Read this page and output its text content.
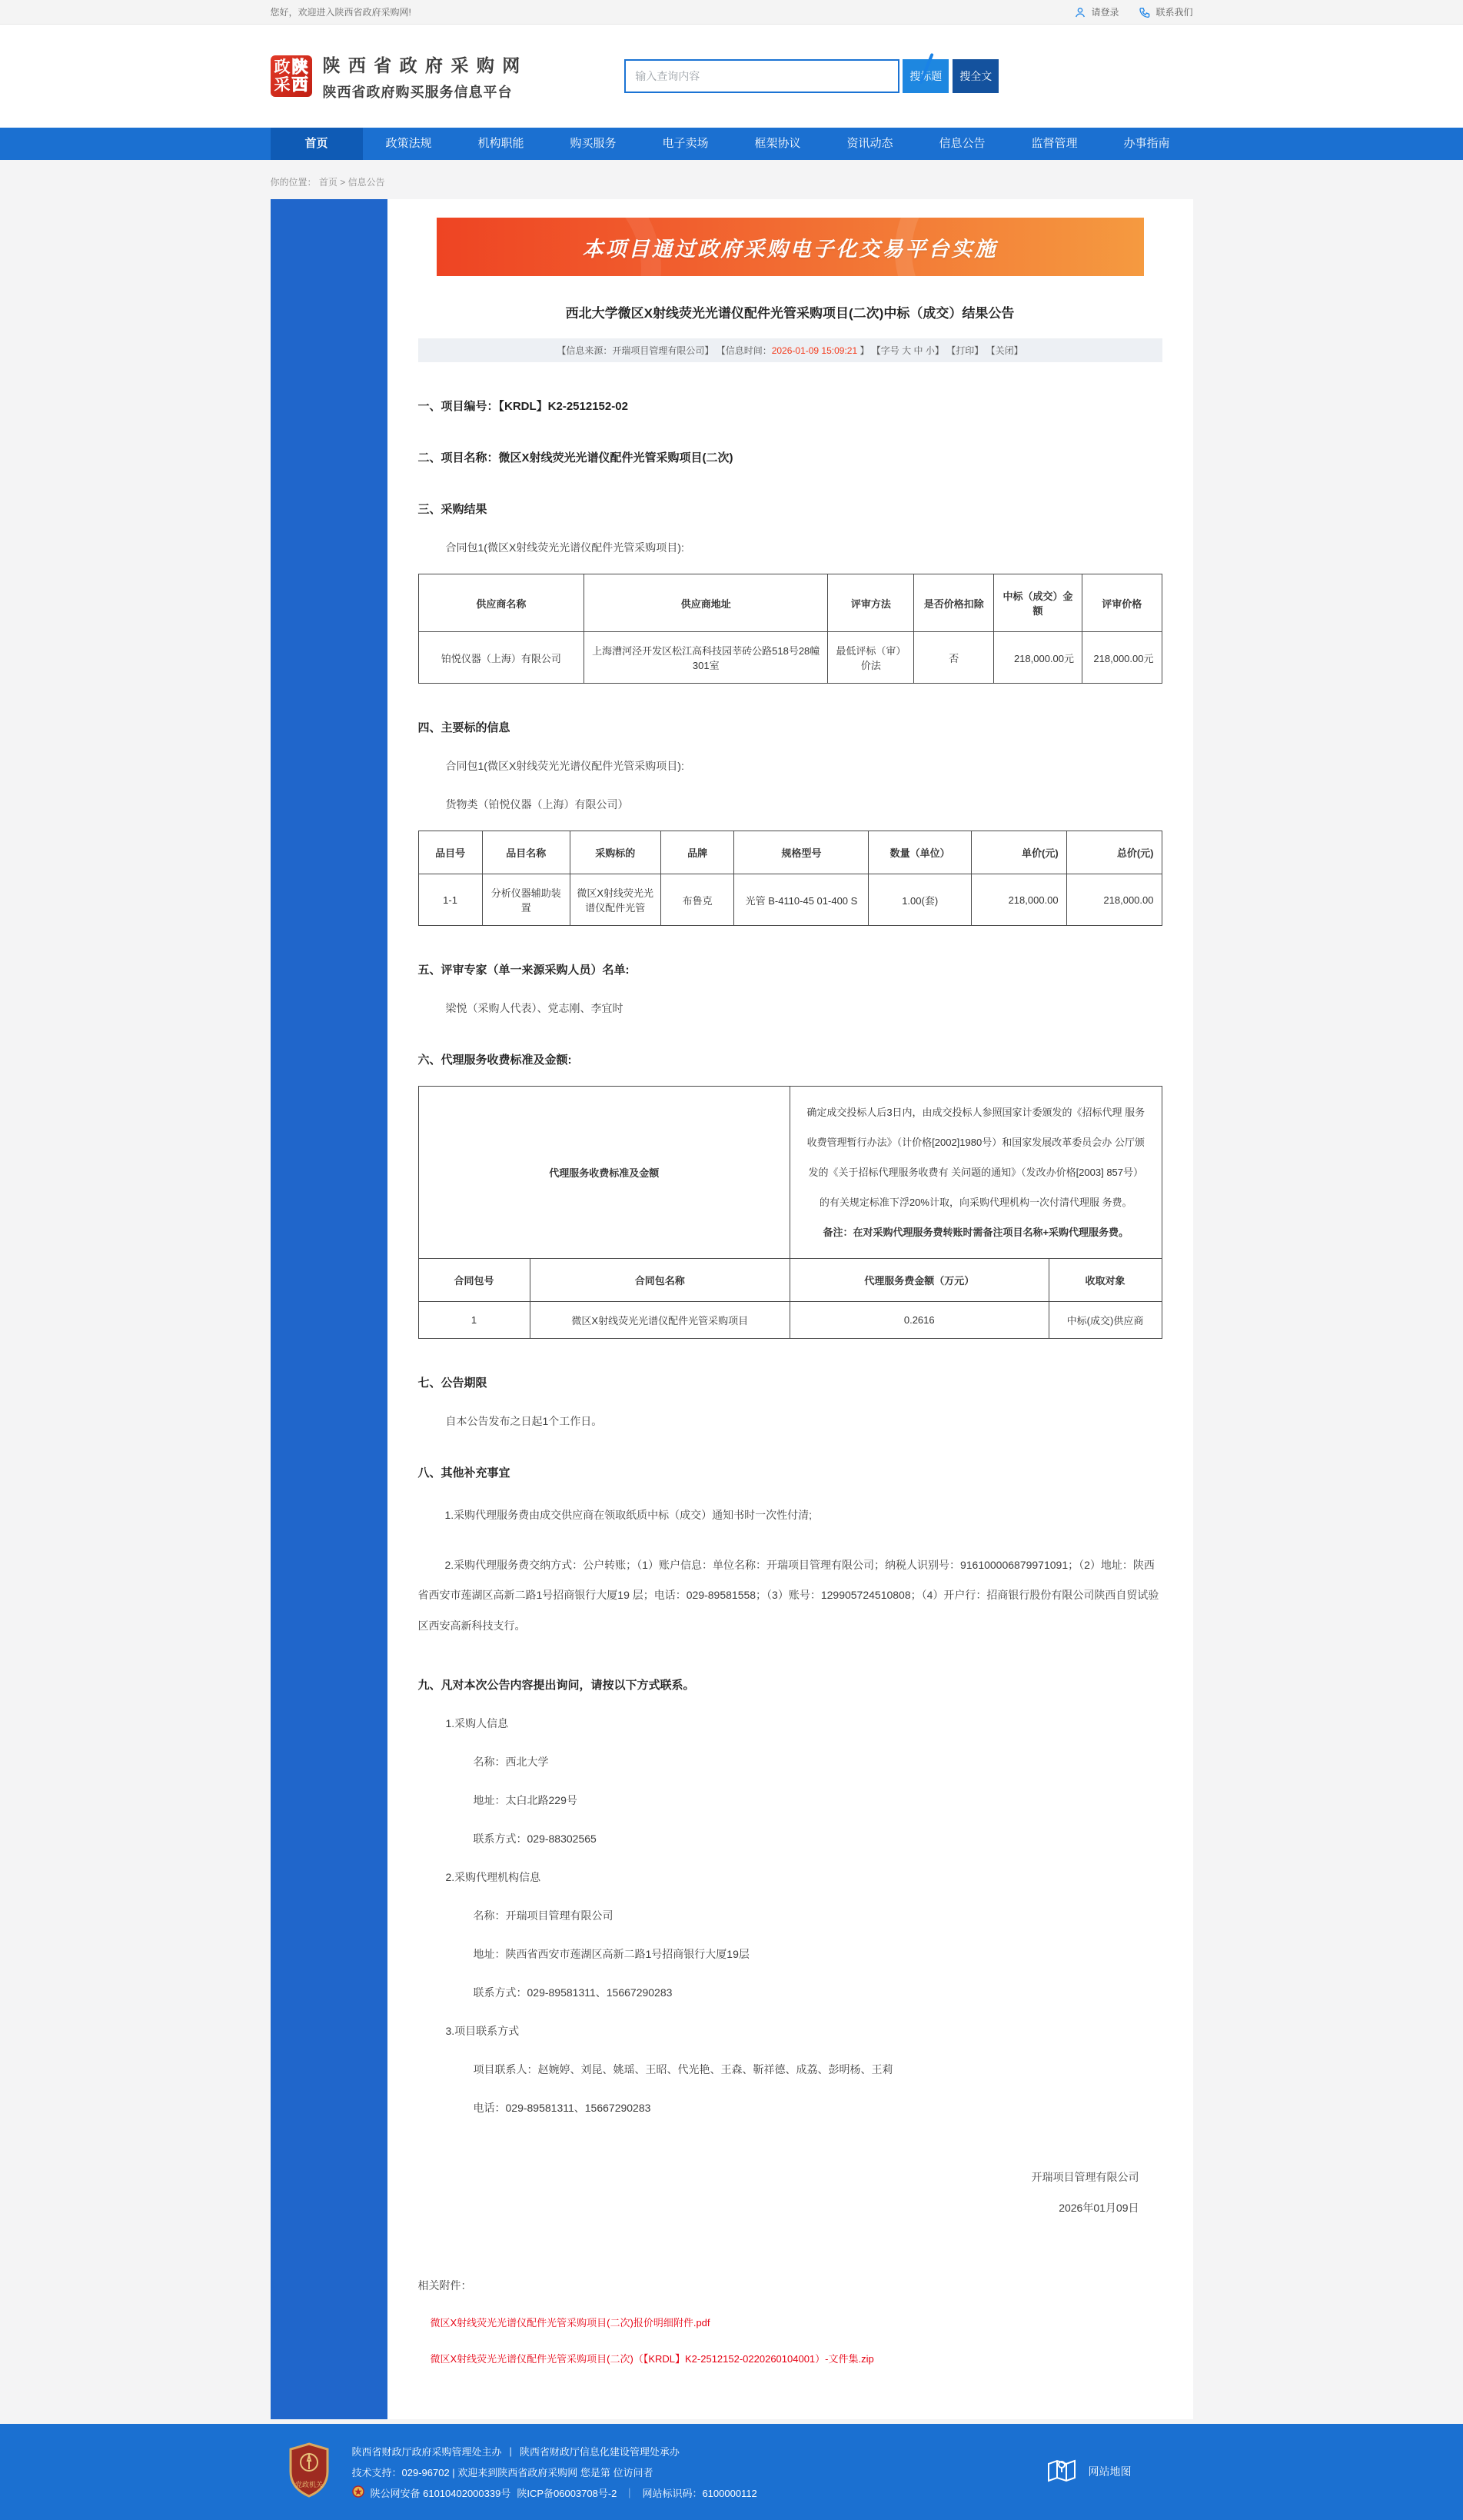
您好，欢迎进入陕西省政府采购网!	请登录	联系我们
政 陕
采 西
陕 西 省 政 府 采 购 网
陕西省政府购买服务信息平台
输入查询内容
搜标题	搜全文
首页	政策法规	机构职能	购买服务	电子卖场	框架协议	资讯动态	信息公告	监督管理	办事指南
你的位置： 首页 > 信息公告
本项目通过政府采购电子化交易平台实施
西北大学微区X射线荧光光谱仪配件光管采购项目(二次)中标（成交）结果公告
【信息来源：开瑞项目管理有限公司】 【信息时间：2026-01-09 15:09:21 】 【字号 大 中 小】 【打印】 【关闭】
一、项目编号：【KRDL】K2-2512152-02
二、项目名称：微区X射线荧光光谱仪配件光管采购项目(二次)
三、采购结果
合同包1(微区X射线荧光光谱仪配件光管采购项目):
供应商名称	供应商地址	评审方法	是否价格扣除	中标（成交）金额	评审价格
铂悦仪器（上海）有限公司	上海漕河泾开发区松江高科技园莘砖公路518号28幢301室	最低评标（审）价法	否	218,000.00元	218,000.00元
四、主要标的信息
合同包1(微区X射线荧光光谱仪配件光管采购项目):
货物类（铂悦仪器（上海）有限公司）
品目号	品目名称	采购标的	品牌	规格型号	数量（单位）	单价(元)	总价(元)
1-1	分析仪器辅助装置	微区X射线荧光光谱仪配件光管	布鲁克	光管 B-4110-45 01-400 S	1.00(套)	218,000.00	218,000.00
五、评审专家（单一来源采购人员）名单:
梁悦（采购人代表）、党志刚、李宜时
六、代理服务收费标准及金额:
代理服务收费标准及金额		确定成交投标人后3日内，由成交投标人参照国家计委颁发的《招标代理 服务收费管理暂行办法》（计价格[2002]1980号）和国家发展改革委员会办 公厅颁发的《关于招标代理服务收费有 关问题的通知》（发改办价格[2003] 857号）的有关规定标准下浮20%计取，向采购代理机构一次付清代理服 务费。
备注：在对采购代理服务费转账时需备注项目名称+采购代理服务费。	
合同包号	合同包名称	代理服务费金额（万元）	收取对象
1	微区X射线荧光光谱仪配件光管采购项目	0.2616	中标(成交)供应商
七、公告期限
自本公告发布之日起1个工作日。
八、其他补充事宜

1.采购代理服务费由成交供应商在领取纸质中标（成交）通知书时一次性付清;

2.采购代理服务费交纳方式：公户转账；（1）账户信息：单位名称：开瑞项目管理有限公司；纳税人识别号：916100006879971091；（2）地址：陕西省西安市莲湖区高新二路1号招商银行大厦19 层；电话：029-89581558；（3）账号：129905724510808；（4）开户行：招商银行股份有限公司陕西自贸试验区西安高新科技支行。

九、凡对本次公告内容提出询问，请按以下方式联系。
1.采购人信息
名称：西北大学
地址：太白北路229号
联系方式：029-88302565
2.采购代理机构信息
名称：开瑞项目管理有限公司
地址：陕西省西安市莲湖区高新二路1号招商银行大厦19层
联系方式：029-89581311、15667290283
3.项目联系方式
项目联系人：赵婉婷、刘昆、姚瑶、王昭、代光艳、王森、靳祥德、成荔、彭明杨、王莉
电话：029-89581311、15667290283
开瑞项目管理有限公司
2026年01月09日
相关附件：
微区X射线荧光光谱仪配件光管采购项目(二次)报价明细附件.pdf
微区X射线荧光光谱仪配件光管采购项目(二次)（【KRDL】K2-2512152-0220260104001）-文件集.zip
党政机关
陕西省财政厅政府采购管理处主办 | 陕西省财政厅信息化建设管理处承办
技术支持：029-96702 | 欢迎来到陕西省政府采购网 您是第 位访问者
陕公网安备 61010402000339号 陕ICP备06003708号-2 ｜ 网站标识码：6100000112
网站地图
